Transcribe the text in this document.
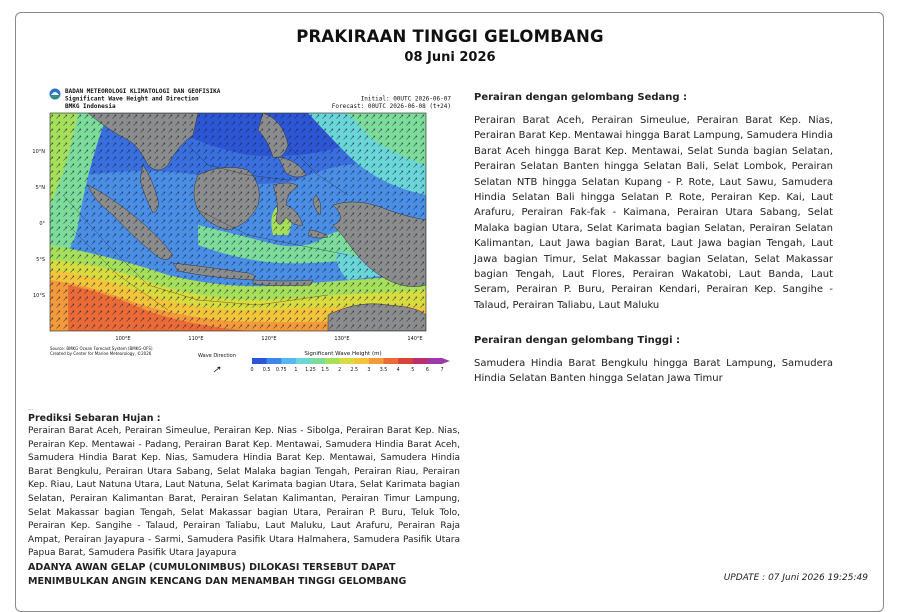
PRAKIRAAN TINGGI GELOMBANG
08 Juni 2026
BADAN METEOROLOGI KLIMATOLOGI DAN GEOFISIKA
Significant Wave Height and Direction
BMKG Indonesia
Initial: 00UTC 2026-06-07
Forecast: 00UTC 2026-06-08 (t+24)
10°N
5°N
0°
5°S
10°S
100°E	110°E	120°E	130°E	140°E
Source: BMKG Ocean Forecast System (BMKG-OFS)
Created by Center for Marine Meteorology, ©2026	Wave Direction	Significant Wave Height (m)
0 0.5 0.75 1 1.25 1.5 2 2.5 3 3.5 4 5 6 7
Perairan dengan gelombang Sedang :
Perairan Barat Aceh, Perairan Simeulue, Perairan Barat Kep. Nias, Perairan Barat Kep. Mentawai hingga Barat Lampung, Samudera Hindia Barat Aceh hingga Barat Kep. Mentawai, Selat Sunda bagian Selatan, Perairan Selatan Banten hingga Selatan Bali, Selat Lombok, Perairan Selatan NTB hingga Selatan Kupang - P. Rote, Laut Sawu, Samudera Hindia Selatan Bali hingga Selatan P. Rote, Perairan Kep. Kai, Laut Arafuru, Perairan Fak-fak - Kaimana, Perairan Utara Sabang, Selat Malaka bagian Utara, Selat Karimata bagian Selatan, Perairan Selatan Kalimantan, Laut Jawa bagian Barat, Laut Jawa bagian Tengah, Laut Jawa bagian Timur, Selat Makassar bagian Selatan, Selat Makassar bagian Tengah, Laut Flores, Perairan Wakatobi, Laut Banda, Laut Seram, Perairan P. Buru, Perairan Kendari, Perairan Kep. Sangihe - Talaud, Perairan Taliabu, Laut Maluku
Perairan dengan gelombang Tinggi :
Samudera Hindia Barat Bengkulu hingga Barat Lampung, Samudera Hindia Selatan Banten hingga Selatan Jawa Timur
...
Prediksi Sebaran Hujan :
Perairan Barat Aceh, Perairan Simeulue, Perairan Kep. Nias - Sibolga, Perairan Barat Kep. Nias, Perairan Kep. Mentawai - Padang, Perairan Barat Kep. Mentawai, Samudera Hindia Barat Aceh, Samudera Hindia Barat Kep. Nias, Samudera Hindia Barat Kep. Mentawai, Samudera Hindia Barat Bengkulu, Perairan Utara Sabang, Selat Malaka bagian Tengah, Perairan Riau, Perairan Kep. Riau, Laut Natuna Utara, Laut Natuna, Selat Karimata bagian Utara, Selat Karimata bagian Selatan, Perairan Kalimantan Barat, Perairan Selatan Kalimantan, Perairan Timur Lampung, Selat Makassar bagian Tengah, Selat Makassar bagian Utara, Perairan P. Buru, Teluk Tolo, Perairan Kep. Sangihe - Talaud, Perairan Taliabu, Laut Maluku, Laut Arafuru, Perairan Raja Ampat, Perairan Jayapura - Sarmi, Samudera Pasifik Utara Halmahera, Samudera Pasifik Utara Papua Barat, Samudera Pasifik Utara Jayapura
ADANYA AWAN GELAP (CUMULONIMBUS) DILOKASI TERSEBUT DAPAT
MENIMBULKAN ANGIN KENCANG DAN MENAMBAH TINGGI GELOMBANG	UPDATE : 07 Juni 2026 19:25:49
